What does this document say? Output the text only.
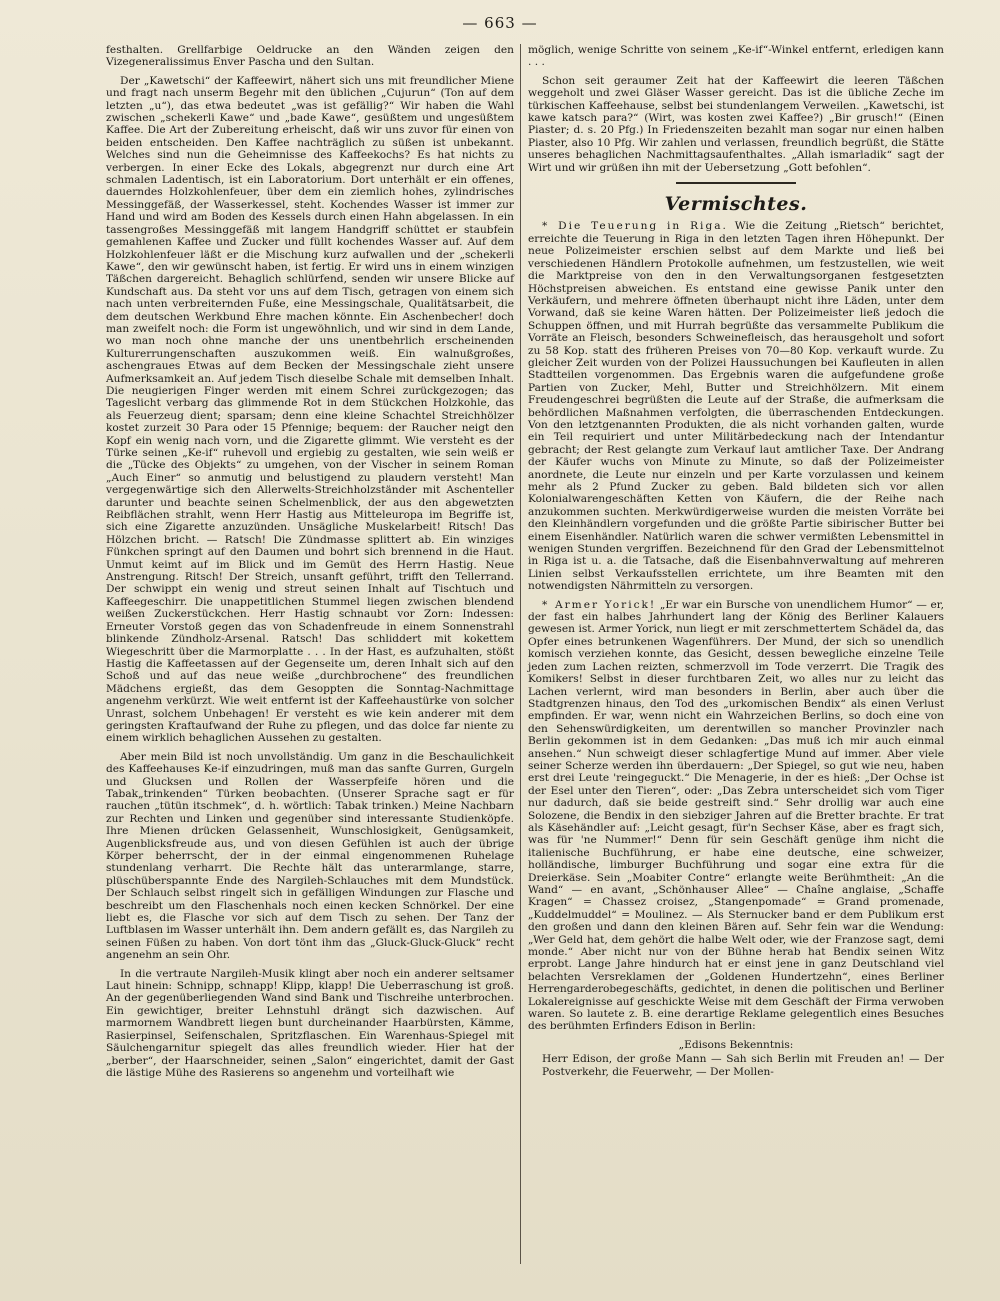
— 663 —

festhalten. Grellfarbige Oeldrucke an den Wänden zeigen den Vizegeneralissimus Enver Pascha und den Sultan.

Der „Kawetschi“ der Kaffeewirt, nähert sich uns mit freundlicher Miene und fragt nach unserm Begehr mit den üblichen „Cujurun“ (Ton auf dem letzten „u“), das etwa bedeutet „was ist gefällig?“ Wir haben die Wahl zwischen „schekerli Kawe“ und „bade Kawe“, gesüßtem und ungesüßtem Kaffee. Die Art der Zubereitung erheischt, daß wir uns zuvor für einen von beiden entscheiden. Den Kaffee nachträglich zu süßen ist unbekannt. Welches sind nun die Geheimnisse des Kaffeekochs? Es hat nichts zu verbergen. In einer Ecke des Lokals, abgegrenzt nur durch eine Art schmalen Ladentisch, ist ein Laboratorium. Dort unterhält er ein offenes, dauerndes Holzkohlenfeuer, über dem ein ziemlich hohes, zylindrisches Messinggefäß, der Wasserkessel, steht. Kochendes Wasser ist immer zur Hand und wird am Boden des Kessels durch einen Hahn abgelassen. In ein tassengroßes Messinggefäß mit langem Handgriff schüttet er staubfein gemahlenen Kaffee und Zucker und füllt kochendes Wasser auf. Auf dem Holzkohlenfeuer läßt er die Mischung kurz aufwallen und der „schekerli Kawe“, den wir gewünscht haben, ist fertig. Er wird uns in einem winzigen Täßchen dargereicht. Behaglich schlürfend, senden wir unsere Blicke auf Kundschaft aus. Da steht vor uns auf dem Tisch, getragen von einem sich nach unten verbreiternden Fuße, eine Messingschale, Qualitätsarbeit, die dem deutschen Werkbund Ehre machen könnte. Ein Aschenbecher! doch man zweifelt noch: die Form ist ungewöhnlich, und wir sind in dem Lande, wo man noch ohne manche der uns unentbehrlich erscheinenden Kulturerrungenschaften auszukommen weiß. Ein walnußgroßes, aschengraues Etwas auf dem Becken der Messingschale zieht unsere Aufmerksamkeit an. Auf jedem Tisch dieselbe Schale mit demselben Inhalt. Die neugierigen Finger werden mit einem Schrei zurückgezogen; das Tageslicht verbarg das glimmende Rot in dem Stückchen Holzkohle, das als Feuerzeug dient; sparsam; denn eine kleine Schachtel Streichhölzer kostet zurzeit 30 Para oder 15 Pfennige; bequem: der Raucher neigt den Kopf ein wenig nach vorn, und die Zigarette glimmt. Wie versteht es der Türke seinen „Ke-if“ ruhevoll und ergiebig zu gestalten, wie sein weiß er die „Tücke des Objekts“ zu umgehen, von der Vischer in seinem Roman „Auch Einer“ so anmutig und belustigend zu plaudern versteht! Man vergegenwärtige sich den Allerwelts-Streichholzständer mit Aschenteller darunter und beachte seinen Schelmenblick, der aus den abgewetzten Reibflächen strahlt, wenn Herr Hastig aus Mitteleuropa im Begriffe ist, sich eine Zigarette anzuzünden. Unsägliche Muskelarbeit! Ritsch! Das Hölzchen bricht. — Ratsch! Die Zündmasse splittert ab. Ein winziges Fünkchen springt auf den Daumen und bohrt sich brennend in die Haut. Unmut keimt auf im Blick und im Gemüt des Herrn Hastig. Neue Anstrengung. Ritsch! Der Streich, unsanft geführt, trifft den Tellerrand. Der schwippt ein wenig und streut seinen Inhalt auf Tischtuch und Kaffeegeschirr. Die unappetitlichen Stummel liegen zwischen blendend weißen Zuckerstückchen. Herr Hastig schnaubt vor Zorn: Indessen: Erneuter Vorstoß gegen das von Schadenfreude in einem Sonnenstrahl blinkende Zündholz-Arsenal. Ratsch! Das schliddert mit kokettem Wiegeschritt über die Marmorplatte . . . In der Hast, es aufzuhalten, stößt Hastig die Kaffeetassen auf der Gegenseite um, deren Inhalt sich auf den Schoß und auf das neue weiße „durchbrochene“ des freundlichen Mädchens ergießt, das dem Gesoppten die Sonntag-Nachmittage angenehm verkürzt. Wie weit entfernt ist der Kaffeehaustürke von solcher Unrast, solchem Unbehagen! Er versteht es wie kein anderer mit dem geringsten Kraftaufwand der Ruhe zu pflegen, und das dolce far niente zu einem wirklich behaglichen Aussehen zu gestalten.

Aber mein Bild ist noch unvollständig. Um ganz in die Beschaulichkeit des Kaffeehauses Ke-if einzudringen, muß man das sanfte Gurren, Gurgeln und Glucksen und Rollen der Wasserpfeife hören und die Tabak„trinkenden“ Türken beobachten. (Unserer Sprache sagt er für rauchen „tütün itschmek“, d. h. wörtlich: Tabak trinken.) Meine Nachbarn zur Rechten und Linken und gegenüber sind interessante Studienköpfe. Ihre Mienen drücken Gelassenheit, Wunschlosigkeit, Genügsamkeit, Augenblicksfreude aus, und von diesen Gefühlen ist auch der übrige Körper beherrscht, der in der einmal eingenommenen Ruhelage stundenlang verharrt. Die Rechte hält das unterarmlange, starre, plüschüberspannte Ende des Nargileh-Schlauches mit dem Mundstück. Der Schlauch selbst ringelt sich in gefälligen Windungen zur Flasche und beschreibt um den Flaschenhals noch einen kecken Schnörkel. Der eine liebt es, die Flasche vor sich auf dem Tisch zu sehen. Der Tanz der Luftblasen im Wasser unterhält ihn. Dem andern gefällt es, das Nargileh zu seinen Füßen zu haben. Von dort tönt ihm das „Gluck-Gluck-Gluck“ recht angenehm an sein Ohr.

In die vertraute Nargileh-Musik klingt aber noch ein anderer seltsamer Laut hinein: Schnipp, schnapp! Klipp, klapp! Die Ueberraschung ist groß. An der gegenüberliegenden Wand sind Bank und Tischreihe unterbrochen. Ein gewichtiger, breiter Lehnstuhl drängt sich dazwischen. Auf marmornem Wandbrett liegen bunt durcheinander Haarbürsten, Kämme, Rasierpinsel, Seifenschalen, Spritzflaschen. Ein Warenhaus-Spiegel mit Säulchengarnitur spiegelt das alles freundlich wieder. Hier hat der „berber“, der Haarschneider, seinen „Salon“ eingerichtet, damit der Gast die lästige Mühe des Rasierens so angenehm und vorteilhaft wie

möglich, wenige Schritte von seinem „Ke-if“-Winkel entfernt, erledigen kann . . .

Schon seit geraumer Zeit hat der Kaffeewirt die leeren Täßchen weggeholt und zwei Gläser Wasser gereicht. Das ist die übliche Zeche im türkischen Kaffeehause, selbst bei stundenlangem Verweilen. „Kawetschi, ist kawe katsch para?“ (Wirt, was kosten zwei Kaffee?) „Bir grusch!“ (Einen Piaster; d. s. 20 Pfg.) In Friedenszeiten bezahlt man sogar nur einen halben Piaster, also 10 Pfg. Wir zahlen und verlassen, freundlich begrüßt, die Stätte unseres behaglichen Nachmittagsaufenthaltes. „Allah ismarladik“ sagt der Wirt und wir grüßen ihn mit der Uebersetzung „Gott befohlen“.

Vermischtes.

* Die Teuerung in Riga. Wie die Zeitung „Rietsch“ berichtet, erreichte die Teuerung in Riga in den letzten Tagen ihren Höhepunkt. Der neue Polizeimeister erschien selbst auf dem Markte und ließ bei verschiedenen Händlern Protokolle aufnehmen, um festzustellen, wie weit die Marktpreise von den in den Verwaltungsorganen festgesetzten Höchstpreisen abweichen. Es entstand eine gewisse Panik unter den Verkäufern, und mehrere öffneten überhaupt nicht ihre Läden, unter dem Vorwand, daß sie keine Waren hätten. Der Polizeimeister ließ jedoch die Schuppen öffnen, und mit Hurrah begrüßte das versammelte Publikum die Vorräte an Fleisch, besonders Schweinefleisch, das herausgeholt und sofort zu 58 Kop. statt des früheren Preises von 70—80 Kop. verkauft wurde. Zu gleicher Zeit wurden von der Polizei Haussuchungen bei Kaufleuten in allen Stadtteilen vorgenommen. Das Ergebnis waren die aufgefundene große Partien von Zucker, Mehl, Butter und Streichhölzern. Mit einem Freudengeschrei begrüßten die Leute auf der Straße, die aufmerksam die behördlichen Maßnahmen verfolgten, die überraschenden Entdeckungen. Von den letztgenannten Produkten, die als nicht vorhanden galten, wurde ein Teil requiriert und unter Militärbedeckung nach der Intendantur gebracht; der Rest gelangte zum Verkauf laut amtlicher Taxe. Der Andrang der Käufer wuchs von Minute zu Minute, so daß der Polizeimeister anordnete, die Leute nur einzeln und per Karte vorzulassen und keinem mehr als 2 Pfund Zucker zu geben. Bald bildeten sich vor allen Kolonialwarengeschäften Ketten von Käufern, die der Reihe nach anzukommen suchten. Merkwürdigerweise wurden die meisten Vorräte bei den Kleinhändlern vorgefunden und die größte Partie sibirischer Butter bei einem Eisenhändler. Natürlich waren die schwer vermißten Lebensmittel in wenigen Stunden vergriffen. Bezeichnend für den Grad der Lebensmittelnot in Riga ist u. a. die Tatsache, daß die Eisenbahnverwaltung auf mehreren Linien selbst Verkaufsstellen errichtete, um ihre Beamten mit den notwendigsten Nährmitteln zu versorgen.

* Armer Yorick! „Er war ein Bursche von unendlichem Humor“ — er, der fast ein halbes Jahrhundert lang der König des Berliner Kalauers gewesen ist. Armer Yorick, nun liegt er mit zerschmettertem Schädel da, das Opfer eines betrunkenen Wagenführers. Der Mund, der sich so unendlich komisch verziehen konnte, das Gesicht, dessen bewegliche einzelne Teile jeden zum Lachen reizten, schmerzvoll im Tode verzerrt. Die Tragik des Komikers! Selbst in dieser furchtbaren Zeit, wo alles nur zu leicht das Lachen verlernt, wird man besonders in Berlin, aber auch über die Stadtgrenzen hinaus, den Tod des „urkomischen Bendix“ als einen Verlust empfinden. Er war, wenn nicht ein Wahrzeichen Berlins, so doch eine von den Sehenswürdigkeiten, um derentwillen so mancher Provinzler nach Berlin gekommen ist in dem Gedanken: „Das muß ich mir auch einmal ansehen.“ Nun schweigt dieser schlagfertige Mund auf immer. Aber viele seiner Scherze werden ihn überdauern: „Der Spiegel, so gut wie neu, haben erst drei Leute 'reingeguckt.“ Die Menagerie, in der es hieß: „Der Ochse ist der Esel unter den Tieren“, oder: „Das Zebra unterscheidet sich vom Tiger nur dadurch, daß sie beide gestreift sind.“ Sehr drollig war auch eine Solozene, die Bendix in den siebziger Jahren auf die Bretter brachte. Er trat als Käsehändler auf: „Leicht gesagt, für'n Sechser Käse, aber es fragt sich, was für 'ne Nummer!“ Denn für sein Geschäft genüge ihm nicht die italienische Buchführung, er habe eine deutsche, eine schweizer, holländische, limburger Buchführung und sogar eine extra für die Dreierkäse. Sein „Moabiter Contre“ erlangte weite Berühmtheit: „An die Wand“ — en avant, „Schönhauser Allee“ — Chaîne anglaise, „Schaffe Kragen“ = Chassez croisez, „Stangenpomade“ = Grand promenade, „Kuddelmuddel“ = Moulinez. — Als Sternucker band er dem Publikum erst den großen und dann den kleinen Bären auf. Sehr fein war die Wendung: „Wer Geld hat, dem gehört die halbe Welt oder, wie der Franzose sagt, demi monde.“ Aber nicht nur von der Bühne herab hat Bendix seinen Witz erprobt. Lange Jahre hindurch hat er einst jene in ganz Deutschland viel belachten Versreklamen der „Goldenen Hundertzehn“, eines Berliner Herrengarderobegeschäfts, gedichtet, in denen die politischen und Berliner Lokalereignisse auf geschickte Weise mit dem Geschäft der Firma verwoben waren. So lautete z. B. eine derartige Reklame gelegentlich eines Besuches des berühmten Erfinders Edison in Berlin:

„Edisons Bekenntnis:

Herr Edison, der große Mann — Sah sich Berlin mit Freuden an! — Der Postverkehr, die Feuerwehr, — Der Mollen-
